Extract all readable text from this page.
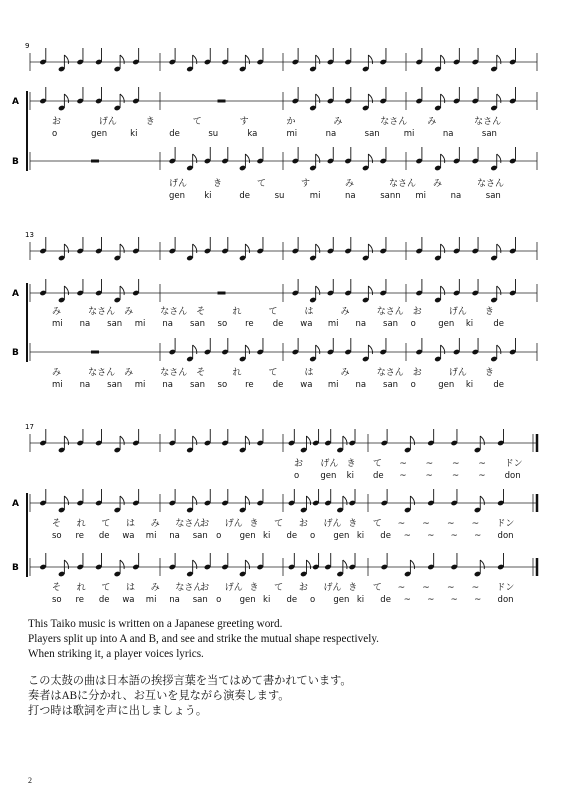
9
A
B
お	げん	き	て	す	か	み	なさん み	なさん
o	gen	ki	de	su	ka	mi	na	san	mi	na	san
げん	き	て	す	み	なさん み	なさん
gen ki	de	su	mi	na	sann mi	na	san
13
A
B
み	なさん み	なさん そ	れ	て	は	み	なさん お	げん き
mi na san mi na san so re de wa mi na san o	gen ki de
み	なさん み	なさん そ	れ	て	は	み	なさん お	げん き
mi na san mi na san so re de wa mi na san o	gen ki de
17
A
B
そ れ て は み なさん
お げん き て お げん き て ~ ~ ~ ~ ドン
so re de wa mi na san o gen ki de o gen ki de ~ ~ ~ ~ don
そ れ て は み なさん
お げん き て お げん き て ~ ~ ~ ~ ドン
so re de wa mi na san o gen ki de o gen ki de ~ ~ ~ ~ don
お げん き て ~ ~ ~ ~ ドン
o gen ki de ~ ~ ~ ~ don

This Taiko music is written on a Japanese greeting word.

Players split up into A and B, and see and strike the mutual shape respectively.

When striking it, a player voices lyrics.

この太鼓の曲は日本語の挨拶言葉を当てはめて書かれています。

奏者はABに分かれ、お互いを見ながら演奏します。

打つ時は歌詞を声に出しましょう。

2
